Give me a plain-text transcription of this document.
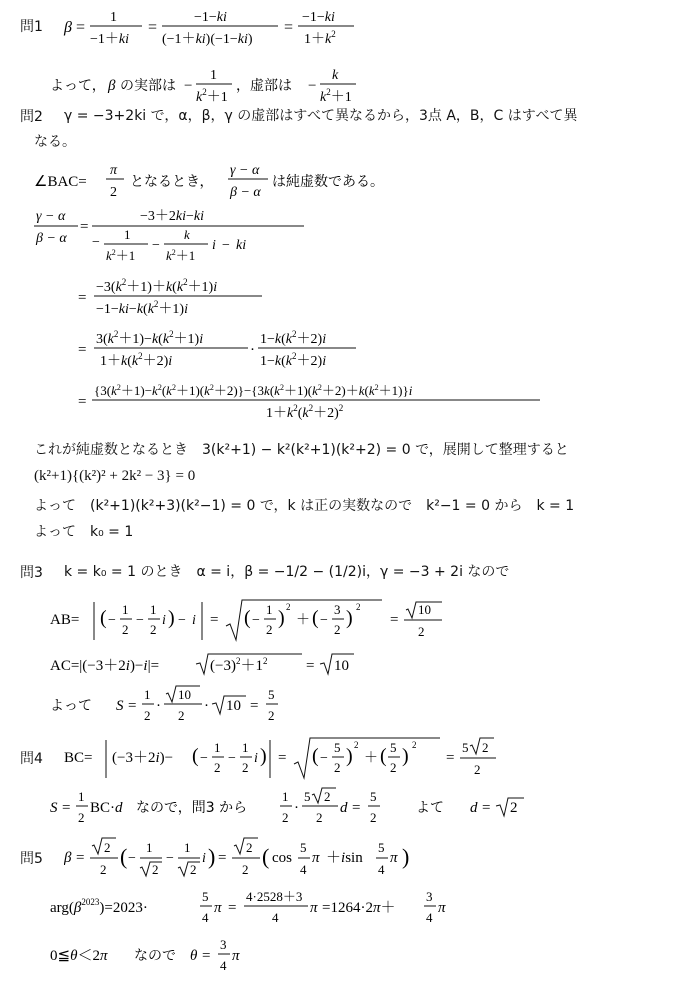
問1 β =
1
−1＋ki
=
−1−ki
(−1＋ki)(−1−ki)
=
−1−ki
$1+k^2$
よって， β の実部は −
1
$k^2+1$
，虚部は −
k
$k^2+1$
問2 γ = −3+2ki で，α，β，γ の虚部はすべて異なるから，3点 A，B，C はすべて異
なる。
∠BAC=
π
2
となるとき，
γ − α
β − α
は純虚数である。
γ − α
β − α
=
−3＋2ki−ki
−
1
$k^2+1$
−
k
$k^2+1$
i − ki
=
$-3(k^2+1)+k(k^2+1)i$
$-1-ki-k(k^2+1)i$
=
$3(k^2+1)-k(k^2+1)i$
$1+k(k^2+2)i$
·
$1-k(k^2+2)i$
$1-k(k^2+2)i$
=
$\{3(k^2+1)-k^2(k^2+1)(k^2+2)\}-\{3k(k^2+1)(k^2+2)+k(k^2+1)\}i$
$1+k^2(k^2+2)^2$
これが純虚数となるとき　3(k²+1) − k²(k²+1)(k²+2) = 0 で，展開して整理すると
(k²+1){(k²)² + 2k² − 3} = 0
よって　(k²+1)(k²+3)(k²−1) = 0 で，k は正の実数なので　k²−1 = 0 から　k = 1
よって　k₀ = 1
問3 k = k₀ = 1 のとき　α = i，β = −1/2 − (1/2)i，γ = −3 + 2i なので
AB= ( −
1
2
−
1
2
i ) − i = ( −
1
2
) 2
＋ ( −
3
2
) 2
=
10
2
AC=|(−3＋2i)−i|=	$(-3)^2+1^2$	= 10
よって S =
1
2
·
10
2
· 10 =
5
2
問4 BC= (−3＋2i)− ( −
1
2
−
1
2
i ) = ( −
5
2
) 2
＋ ( 5
2
) 2
=
5 2
2
S =
1
2
BC·d なので，問3 から
1
2
·
5 2
2
d =
5
2
よて d = 2
問5 β =
2
2
( −
1
2
−
1
2
i ) =
2
2
( cos
5
4
π ＋isin
5
4
π )
$arg(\beta^{2023})=2023\cdot$
5
4
π =
4·2528＋3
4
π =1264·2π＋
3
4
π
0≦θ＜2π なので θ =
3
4
π
